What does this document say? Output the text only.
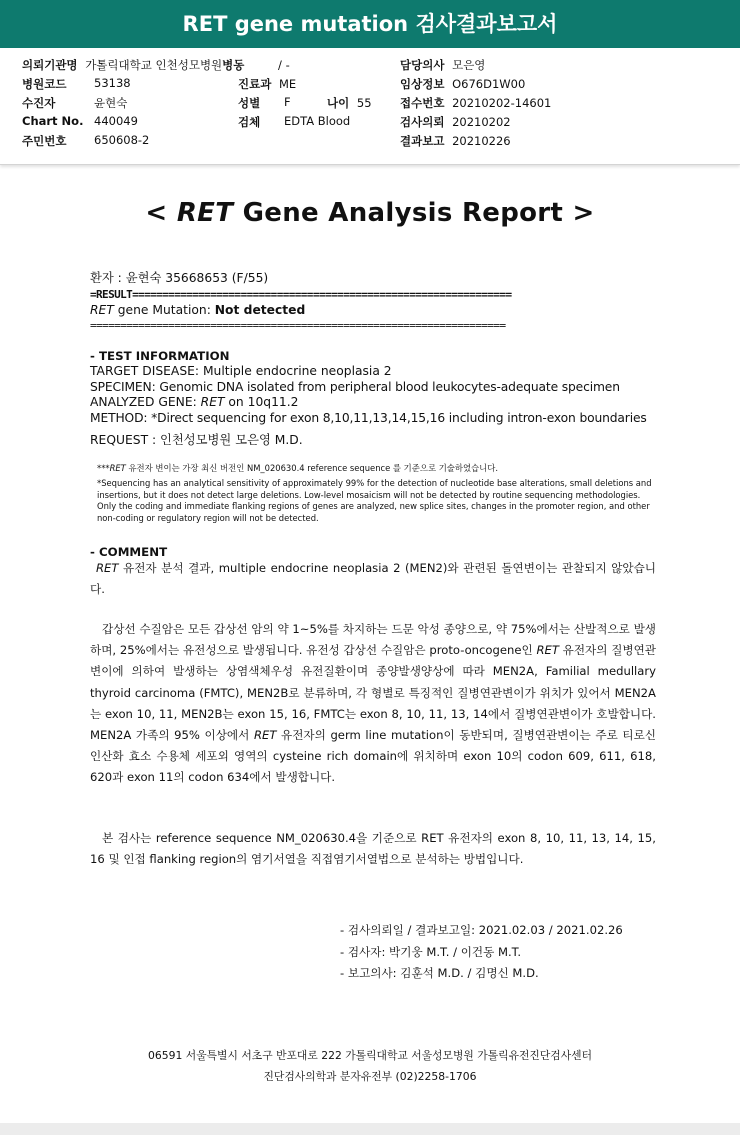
RET gene mutation 검사결과보고서
의뢰기관명 가톨릭대학교 인천성모병원병동	/ -	담당의사 모은영
병원코드 53138	진료과 ME	임상정보 O676D1W00
수진자	윤현숙	성별 F	나이 55 접수번호 20210202-14601
Chart No. 440049	검체 EDTA Blood	검사의뢰 20210202
주민번호 650608-2	결과보고 20210226
< RET Gene Analysis Report >
환자 : 윤현숙 35668653 (F/55)
=RESULT===============================================================
RET gene Mutation: Not detected
=====================================================================
- TEST INFORMATION
TARGET DISEASE: Multiple endocrine neoplasia 2
SPECIMEN: Genomic DNA isolated from peripheral blood leukocytes-adequate specimen
ANALYZED GENE: RET on 10q11.2
METHOD: *Direct sequencing for exon 8,10,11,13,14,15,16 including intron-exon boundaries
REQUEST : 인천성모병원 모은영 M.D.
***RET 유전자 변이는 가장 최신 버전인 NM_020630.4 reference sequence 를 기준으로 기술하였습니다.
*Sequencing has an analytical sensitivity of approximately 99% for the detection of nucleotide base alterations, small deletions and insertions, but it does not detect large deletions. Low-level mosaicism will not be detected by routine sequencing methodologies. Only the coding and immediate flanking regions of genes are analyzed, new splice sites, changes in the promoter region, and other non-coding or regulatory region will not be detected.
- COMMENT
RET 유전자 분석 결과, multiple endocrine neoplasia 2 (MEN2)와 관련된 돌연변이는 관찰되지 않았습니다.
갑상선 수질암은 모든 갑상선 암의 약 1~5%를 차지하는 드문 악성 종양으로, 약 75%에서는 산발적으로 발생하며, 25%에서는 유전성으로 발생됩니다. 유전성 갑상선 수질암은 proto-oncogene인 RET 유전자의 질병연관변이에 의하여 발생하는 상염색체우성 유전질환이며 종양발생양상에 따라 MEN2A, Familial medullary thyroid carcinoma (FMTC), MEN2B로 분류하며, 각 형별로 특징적인 질병연관변이가 위치가 있어서 MEN2A는 exon 10, 11, MEN2B는 exon 15, 16, FMTC는 exon 8, 10, 11, 13, 14에서 질병연관변이가 호발합니다. MEN2A 가족의 95% 이상에서 RET 유전자의 germ line mutation이 동반되며, 질병연관변이는 주로 티로신인산화 효소 수용체 세포외 영역의 cysteine rich domain에 위치하며 exon 10의 codon 609, 611, 618, 620과 exon 11의 codon 634에서 발생합니다.
본 검사는 reference sequence NM_020630.4을 기준으로 RET 유전자의 exon 8, 10, 11, 13, 14, 15, 16 및 인접 flanking region의 염기서열을 직접염기서열법으로 분석하는 방법입니다.
- 검사의뢰일 / 결과보고일: 2021.02.03 / 2021.02.26
- 검사자: 박기웅 M.T. / 이건동 M.T.
- 보고의사: 김훈석 M.D. / 김명신 M.D.
06591 서울특별시 서초구 반포대로 222 가톨릭대학교 서울성모병원 가톨릭유전진단검사센터
진단검사의학과 분자유전부 (02)2258-1706
